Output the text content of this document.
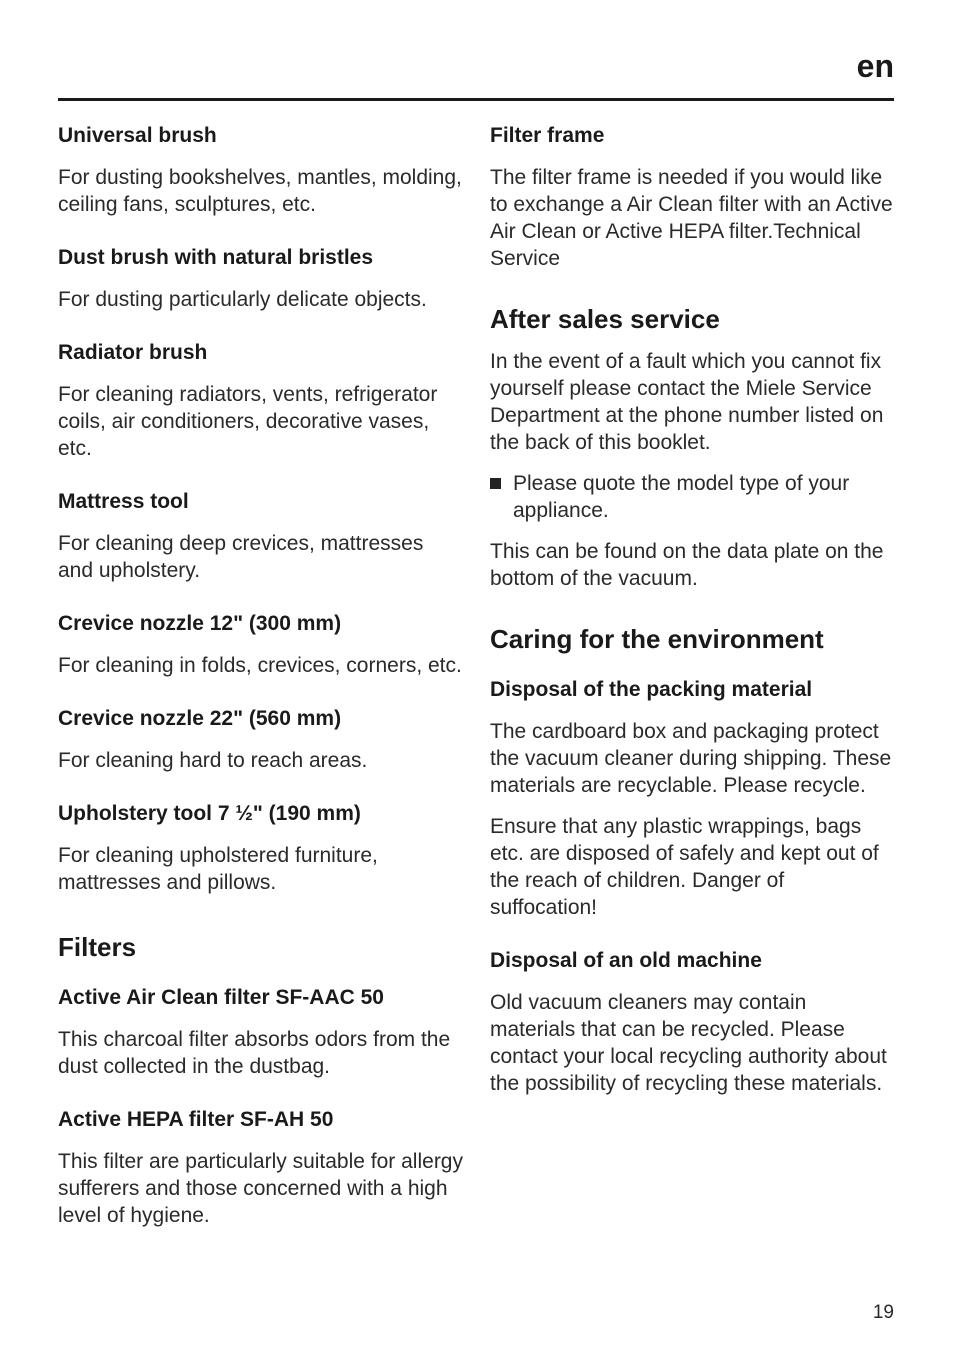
en
Universal brush

For dusting bookshelves, mantles, molding, ceiling fans, sculptures, etc.

Dust brush with natural bristles

For dusting particularly delicate objects.

Radiator brush

For cleaning radiators, vents, refrigerator coils, air conditioners, decorative vases, etc.

Mattress tool

For cleaning deep crevices, mattresses and upholstery.

Crevice nozzle 12" (300 mm)

For cleaning in folds, crevices, corners, etc.

Crevice nozzle 22" (560 mm)

For cleaning hard to reach areas.

Upholstery tool 7 ½" (190 mm)

For cleaning upholstered furniture, mattresses and pillows.

Filters
Active Air Clean filter SF-AAC 50

This charcoal filter absorbs odors from the dust collected in the dustbag.

Active HEPA filter SF-AH 50

This filter are particularly suitable for allergy sufferers and those concerned with a high level of hygiene.

Filter frame

The filter frame is needed if you would like to exchange a Air Clean filter with an Active Air Clean or Active HEPA filter.Technical Service

After sales service

In the event of a fault which you cannot fix yourself please contact the Miele Service Department at the phone number listed on the back of this booklet.

Please quote the model type of your appliance.

This can be found on the data plate on the bottom of the vacuum.

Caring for the environment
Disposal of the packing material

The cardboard box and packaging protect the vacuum cleaner during shipping. These materials are recyclable. Please recycle.

Ensure that any plastic wrappings, bags etc. are disposed of safely and kept out of the reach of children. Danger of suffocation!

Disposal of an old machine

Old vacuum cleaners may contain materials that can be recycled. Please contact your local recycling authority about the possibility of recycling these materials.

19
